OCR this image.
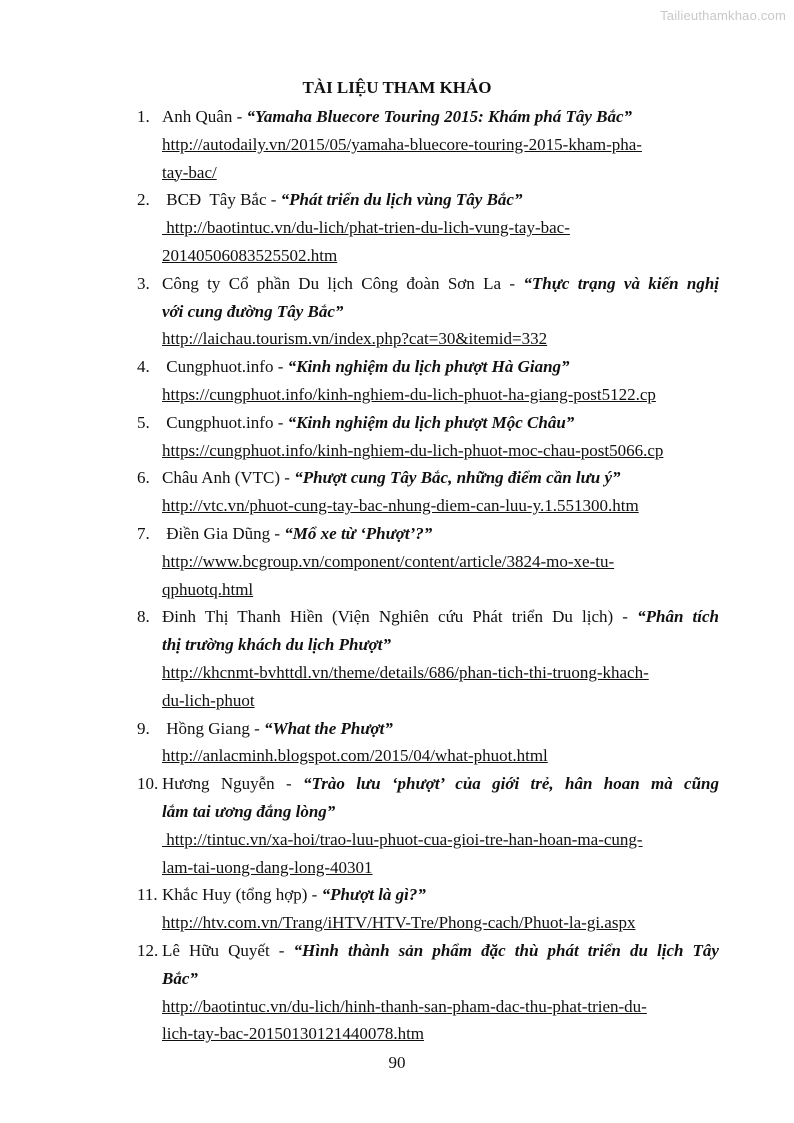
Tailieuthamkhao.com
TÀI LIỆU THAM KHẢO
1. Anh Quân - “Yamaha Bluecore Touring 2015: Khám phá Tây Bắc”
http://autodaily.vn/2015/05/yamaha-bluecore-touring-2015-kham-pha-
tay-bac/
2. BCĐ  Tây Bắc - “Phát triển du lịch vùng Tây Bắc”
http://baotintuc.vn/du-lich/phat-trien-du-lich-vung-tay-bac-
20140506083525502.htm
3. Công ty Cổ phần Du lịch Công đoàn Sơn La - “Thực trạng và kiến nghị
với cung đường Tây Bắc”
http://laichau.tourism.vn/index.php?cat=30&itemid=332
4. Cungphuot.info - “Kinh nghiệm du lịch phượt Hà Giang”
https://cungphuot.info/kinh-nghiem-du-lich-phuot-ha-giang-post5122.cp
5. Cungphuot.info - “Kinh nghiệm du lịch phượt Mộc Châu”
https://cungphuot.info/kinh-nghiem-du-lich-phuot-moc-chau-post5066.cp
6. Châu Anh (VTC) - “Phượt cung Tây Bắc, những điểm cần lưu ý”
http://vtc.vn/phuot-cung-tay-bac-nhung-diem-can-luu-y.1.551300.htm
7. Điền Gia Dũng - “Mổ xe từ ‘Phượt’?”
http://www.bcgroup.vn/component/content/article/3824-mo-xe-tu-
qphuotq.html
8. Đinh Thị Thanh Hiền (Viện Nghiên cứu Phát triển Du lịch) - “Phân tích
thị trường khách du lịch Phượt”
http://khcnmt-bvhttdl.vn/theme/details/686/phan-tich-thi-truong-khach-
du-lich-phuot
9. Hồng Giang - “What the Phượt”
http://anlacminh.blogspot.com/2015/04/what-phuot.html
10. Hương Nguyễn - “Trào lưu ‘phượt’ của giới trẻ, hân hoan mà cũng
lắm tai ương đắng lòng”
http://tintuc.vn/xa-hoi/trao-luu-phuot-cua-gioi-tre-han-hoan-ma-cung-
lam-tai-uong-dang-long-40301
11. Khắc Huy (tổng hợp) - “Phượt là gì?”
http://htv.com.vn/Trang/iHTV/HTV-Tre/Phong-cach/Phuot-la-gi.aspx
12. Lê Hữu Quyết - “Hình thành sản phẩm đặc thù phát triển du lịch Tây
Bắc”
http://baotintuc.vn/du-lich/hinh-thanh-san-pham-dac-thu-phat-trien-du-
lich-tay-bac-20150130121440078.htm
90
